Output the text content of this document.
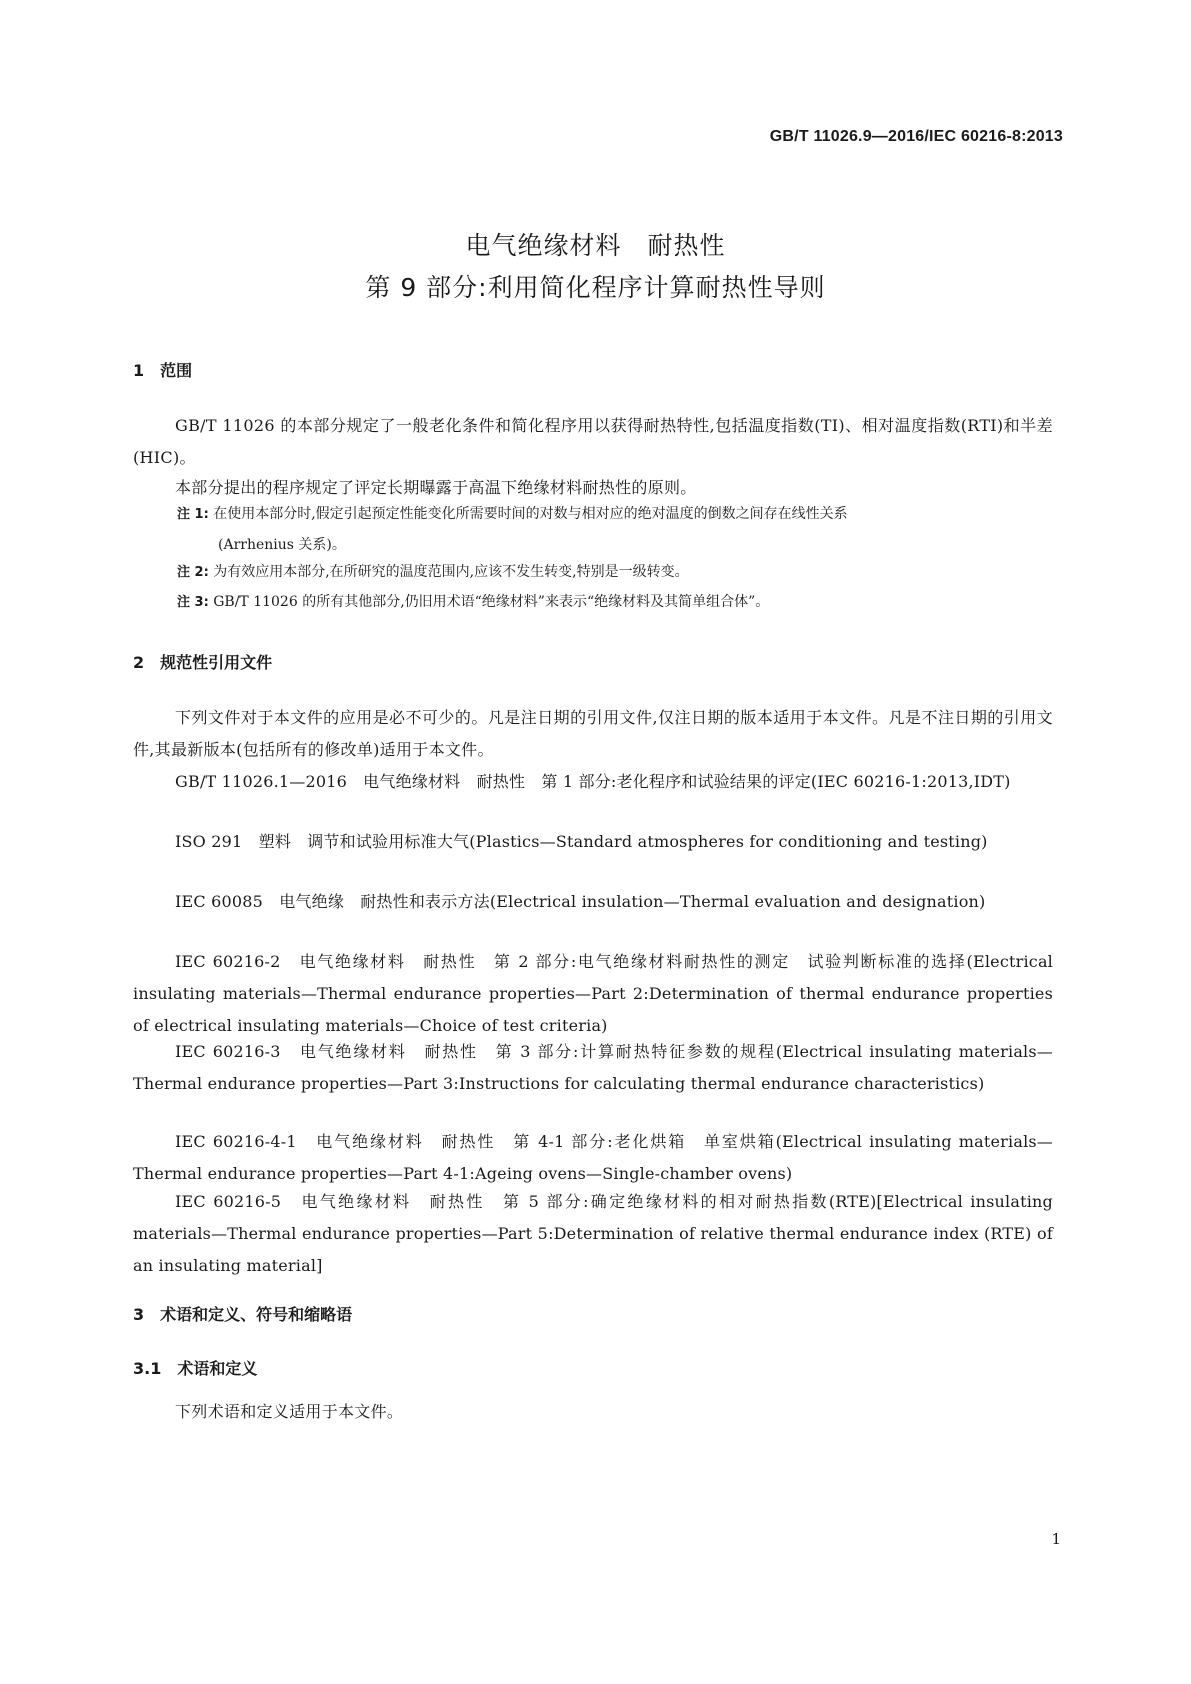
GB/T 11026.9—2016/IEC 60216-8:2013
电气绝缘材料　耐热性
第 9 部分:利用简化程序计算耐热性导则
1　范围
GB/T 11026 的本部分规定了一般老化条件和简化程序用以获得耐热特性,包括温度指数(TI)、相对温度指数(RTI)和半差(HIC)。
本部分提出的程序规定了评定长期曝露于高温下绝缘材料耐热性的原则。
注 1: 在使用本部分时,假定引起预定性能变化所需要时间的对数与相对应的绝对温度的倒数之间存在线性关系
(Arrhenius 关系)。
注 2: 为有效应用本部分,在所研究的温度范围内,应该不发生转变,特别是一级转变。
注 3: GB/T 11026 的所有其他部分,仍旧用术语“绝缘材料”来表示“绝缘材料及其简单组合体”。
2　规范性引用文件
下列文件对于本文件的应用是必不可少的。凡是注日期的引用文件,仅注日期的版本适用于本文件。凡是不注日期的引用文件,其最新版本(包括所有的修改单)适用于本文件。
GB/T 11026.1—2016　电气绝缘材料　耐热性　第 1 部分:老化程序和试验结果的评定(IEC 60216-1:2013,IDT)
ISO 291　塑料　调节和试验用标准大气(Plastics—Standard atmospheres for conditioning and testing)
IEC 60085　电气绝缘　耐热性和表示方法(Electrical insulation—Thermal evaluation and designation)
IEC 60216-2　电气绝缘材料　耐热性　第 2 部分:电气绝缘材料耐热性的测定　试验判断标准的选择(Electrical insulating materials—Thermal endurance properties—Part 2:Determination of thermal endurance properties of electrical insulating materials—Choice of test criteria)
IEC 60216-3　电气绝缘材料　耐热性　第 3 部分:计算耐热特征参数的规程(Electrical insulating materials—Thermal endurance properties—Part 3:Instructions for calculating thermal endurance characteristics)
IEC 60216-4-1　电气绝缘材料　耐热性　第 4-1 部分:老化烘箱　单室烘箱(Electrical insulating materials—Thermal endurance properties—Part 4-1:Ageing ovens—Single-chamber ovens)
IEC 60216-5　电气绝缘材料　耐热性　第 5 部分:确定绝缘材料的相对耐热指数(RTE)[Electrical insulating materials—Thermal endurance properties—Part 5:Determination of relative thermal endurance index (RTE) of an insulating material]
3　术语和定义、符号和缩略语
3.1　术语和定义
下列术语和定义适用于本文件。
1
